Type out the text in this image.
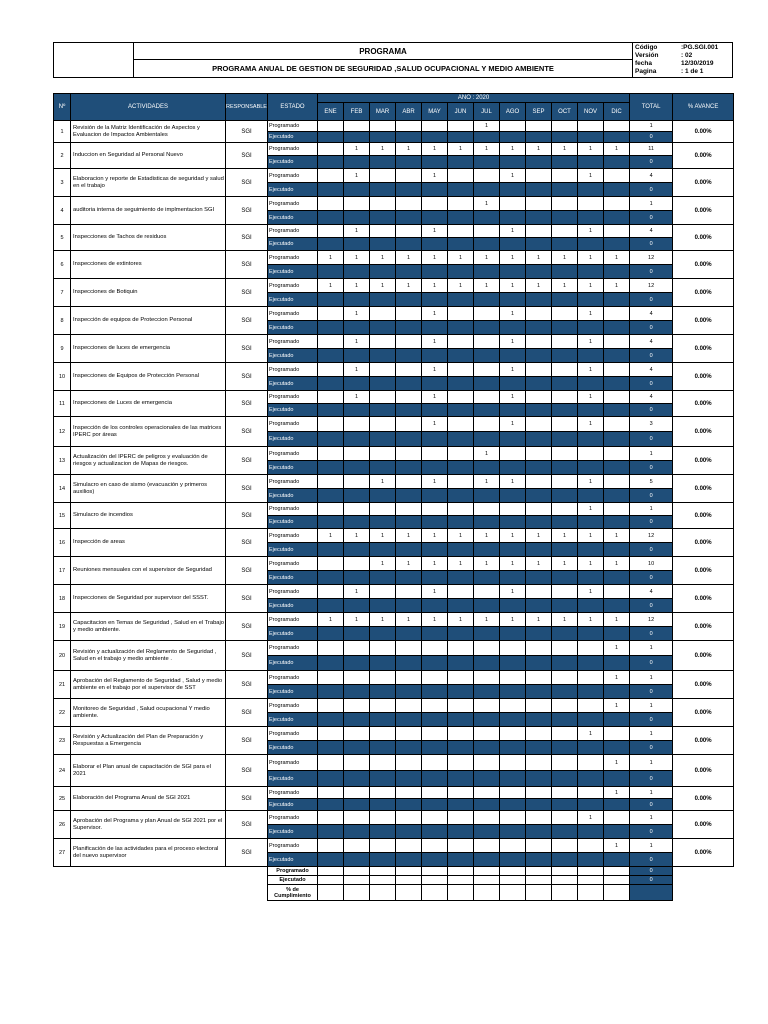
	PROGRAMA	Código	:PG.SGI.001
Versión	: 02
fecha	12/30/2019
Pagina	: 1 de 1

PROGRAMA ANUAL DE GESTION DE SEGURIDAD ,SALUD OCUPACIONAL Y MEDIO AMBIENTE
Nº	ACTIVIDADES	RESPONSABLE	ESTADO	AÑO : 2020												TOTAL	% AVANCE
				ENE	FEB	MAR	ABR	MAY	JUN	JUL	AGO	SEP	OCT	NOV	DIC		
1	Revisión de la Matriz Identificación de Aspectos y Evaluacion de Impactos Ambientales	SGI	Programado							1						1	0.00%
			Ejecutado													0	
2	Induccion en Seguridad al Personal Nuevo	SGI	Programado		1	1	1	1	1	1	1	1	1	1	1	11	0.00%
			Ejecutado													0	
3	Elaboracion y reporte de Estadisticas de seguridad y salud en el trabajo	SGI	Programado		1			1			1			1		4	0.00%
			Ejecutado													0	
4	auditoria interna de seguimiento de implmentacion SGI	SGI	Programado							1						1	0.00%
			Ejecutado													0	
5	Inspecciones de Tachos de residuos	SGI	Programado		1			1			1			1		4	0.00%
			Ejecutado													0	
6	Inspecciones de extintores	SGI	Programado	1	1	1	1	1	1	1	1	1	1	1	1	12	0.00%
			Ejecutado													0	
7	Inspecciones de Botiquin	SGI	Programado	1	1	1	1	1	1	1	1	1	1	1	1	12	0.00%
			Ejecutado													0	
8	Inspección de equipos de Proteccion Personal	SGI	Programado		1			1			1			1		4	0.00%
			Ejecutado													0	
9	Inspecciones de luces de emergencia	SGI	Programado		1			1			1			1		4	0.00%
			Ejecutado													0	
10	Inspecciones de Equipos de Protección Personal	SGI	Programado		1			1			1			1		4	0.00%
			Ejecutado													0	
11	Inspecciones de Luces de emergencia	SGI	Programado		1			1			1			1		4	0.00%
			Ejecutado													0	
12	Inspección de los controles operacionales de las matrices IPERC por áreas	SGI	Programado					1			1			1		3	0.00%
			Ejecutado													0	
13	Actualización del IPERC de peligros y evaluación de riesgos y actualizacion de Mapas de riesgos.	SGI	Programado							1						1	0.00%
			Ejecutado													0	
14	Simulacro en caso de sismo (evacuación y primeros auxilios)	SGI	Programado			1		1		1	1			1		5	0.00%
			Ejecutado													0	
15	Simulacro de incendios	SGI	Programado											1		1	0.00%
			Ejecutado													0	
16	Inspección de areas	SGI	Programado	1	1	1	1	1	1	1	1	1	1	1	1	12	0.00%
			Ejecutado													0	
17	Reuniones mensuales con el supervisor de Seguridad	SGI	Programado			1	1	1	1	1	1	1	1	1	1	10	0.00%
			Ejecutado													0	
18	Inspecciones de Seguridad por supervisor del SSST.	SGI	Programado		1			1			1			1		4	0.00%
			Ejecutado													0	
19	Capacitacion en Temas de Seguridad , Salud en el Trabajo y medio ambiente.	SGI	Programado	1	1	1	1	1	1	1	1	1	1	1	1	12	0.00%
			Ejecutado													0	
20	Revisión y actualización del Reglamento de Seguridad , Salud en el trabajo y medio ambiente .	SGI	Programado												1	1	0.00%
			Ejecutado													0	
21	Aprobación del Reglamento de Seguridad , Salud y medio ambiente en el trabajo por el supervisor de SST	SGI	Programado												1	1	0.00%
			Ejecutado													0	
22	Monitoreo de Seguridad , Salud ocupacional Y medio ambiente.	SGI	Programado												1	1	0.00%
			Ejecutado													0	
23	Revisión y Actualización del Plan de Preparación y Respuestas a Emergencia	SGI	Programado											1		1	0.00%
			Ejecutado													0	
24	Elaborar el Plan anual de capacitación de SGI para el 2021	SGI	Programado												1	1	0.00%
			Ejecutado													0	
25	Elaboración del Programa Anual de SGI 2021	SGI	Programado												1	1	0.00%
			Ejecutado													0	
26	Aprobación del Programa y plan Anual de SGI 2021 por el Supervisor.	SGI	Programado											1		1	0.00%
			Ejecutado													0	
27	Planificación de las actividades para el proceso electoral del nuevo supervisor	SGI	Programado												1	1	0.00%
			Ejecutado													0	
			Programado													0	
			Ejecutado													0	
			% de Cumplimiento														
